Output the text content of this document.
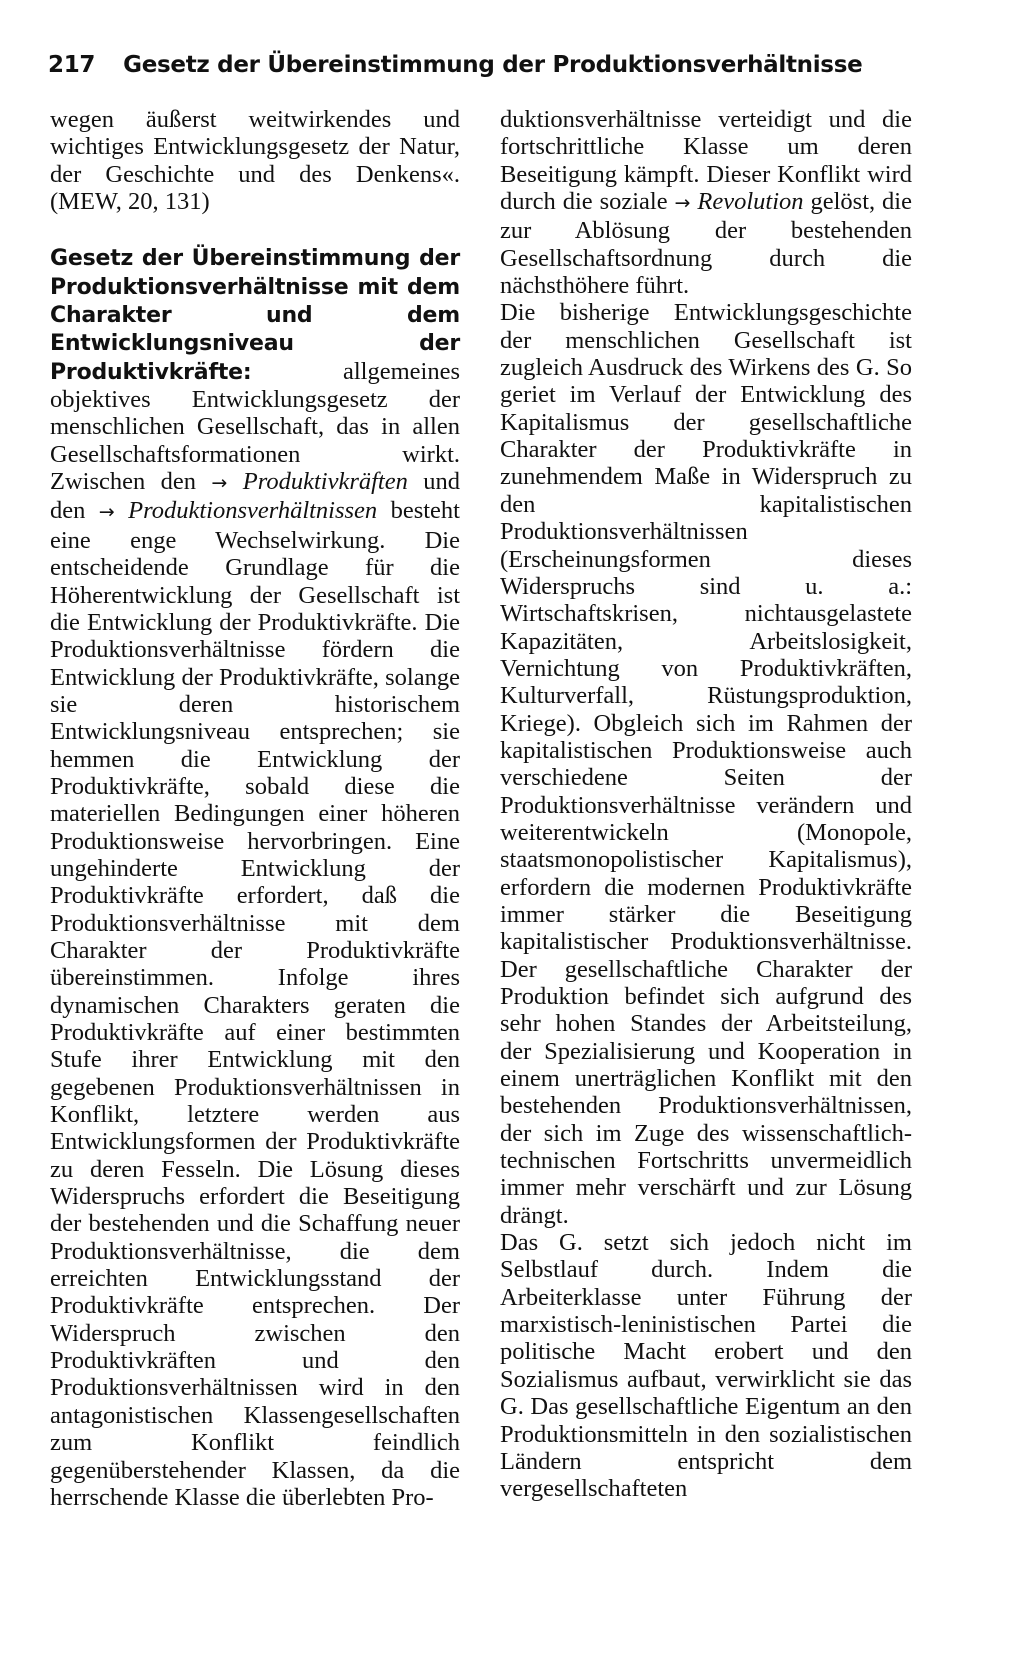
217 Gesetz der Übereinstimmung der Produktionsverhältnisse

wegen äußerst weitwirkendes und wichtiges Entwicklungsgesetz der Natur, der Geschichte und des Denkens«. (MEW, 20, 131)

Gesetz der Übereinstimmung der Produktionsverhältnisse mit dem Charakter und dem Entwicklungsniveau der Produktivkräfte: allgemeines objektives Entwicklungsgesetz der menschlichen Gesellschaft, das in allen Gesellschaftsformationen wirkt. Zwischen den → Produktivkräften und den → Produktionsverhältnissen besteht eine enge Wechselwirkung. Die entscheidende Grundlage für die Höherentwicklung der Gesellschaft ist die Entwicklung der Produktivkräfte. Die Produktionsverhältnisse fördern die Entwicklung der Produktivkräfte, solange sie deren historischem Entwicklungsniveau entsprechen; sie hemmen die Entwicklung der Produktivkräfte, sobald diese die materiellen Bedingungen einer höheren Produktionsweise hervorbringen. Eine ungehinderte Entwicklung der Produktivkräfte erfordert, daß die Produktionsverhältnisse mit dem Charakter der Produktivkräfte übereinstimmen. Infolge ihres dynamischen Charakters geraten die Produktivkräfte auf einer bestimmten Stufe ihrer Entwicklung mit den gegebenen Produktionsverhältnissen in Konflikt, letztere werden aus Entwicklungsformen der Produktivkräfte zu deren Fesseln. Die Lösung dieses Widerspruchs erfordert die Beseitigung der bestehenden und die Schaffung neuer Produktionsverhältnisse, die dem erreichten Entwicklungsstand der Produktivkräfte entsprechen. Der Widerspruch zwischen den Produktivkräften und den Produktionsverhältnissen wird in den antagonistischen Klassengesellschaften zum Konflikt feindlich gegenüberstehender Klassen, da die herrschende Klasse die überlebten Pro-

duktionsverhältnisse verteidigt und die fortschrittliche Klasse um deren Beseitigung kämpft. Dieser Konflikt wird durch die soziale → Revolution gelöst, die zur Ablösung der bestehenden Gesellschaftsordnung durch die nächsthöhere führt.

Die bisherige Entwicklungsgeschichte der menschlichen Gesellschaft ist zugleich Ausdruck des Wirkens des G. So geriet im Verlauf der Entwicklung des Kapitalismus der gesellschaftliche Charakter der Produktivkräfte in zunehmendem Maße in Widerspruch zu den kapitalistischen Produktionsverhältnissen (Erscheinungsformen dieses Widerspruchs sind u. a.: Wirtschaftskrisen, nichtausgelastete Kapazitäten, Arbeitslosigkeit, Vernichtung von Produktivkräften, Kulturverfall, Rüstungsproduktion, Kriege). Obgleich sich im Rahmen der kapitalistischen Produktionsweise auch verschiedene Seiten der Produktionsverhältnisse verändern und weiterentwickeln (Monopole, staatsmonopolistischer Kapitalismus), erfordern die modernen Produktivkräfte immer stärker die Beseitigung kapitalistischer Produktionsverhältnisse. Der gesellschaftliche Charakter der Produktion befindet sich aufgrund des sehr hohen Standes der Arbeitsteilung, der Spezialisierung und Kooperation in einem unerträglichen Konflikt mit den bestehenden Produktionsverhältnissen, der sich im Zuge des wissenschaftlich-technischen Fortschritts unvermeidlich immer mehr verschärft und zur Lösung drängt.

Das G. setzt sich jedoch nicht im Selbstlauf durch. Indem die Arbeiterklasse unter Führung der marxistisch-leninistischen Partei die politische Macht erobert und den Sozialismus aufbaut, verwirklicht sie das G. Das gesellschaftliche Eigentum an den Produktionsmitteln in den sozialistischen Ländern entspricht dem vergesellschafteten
